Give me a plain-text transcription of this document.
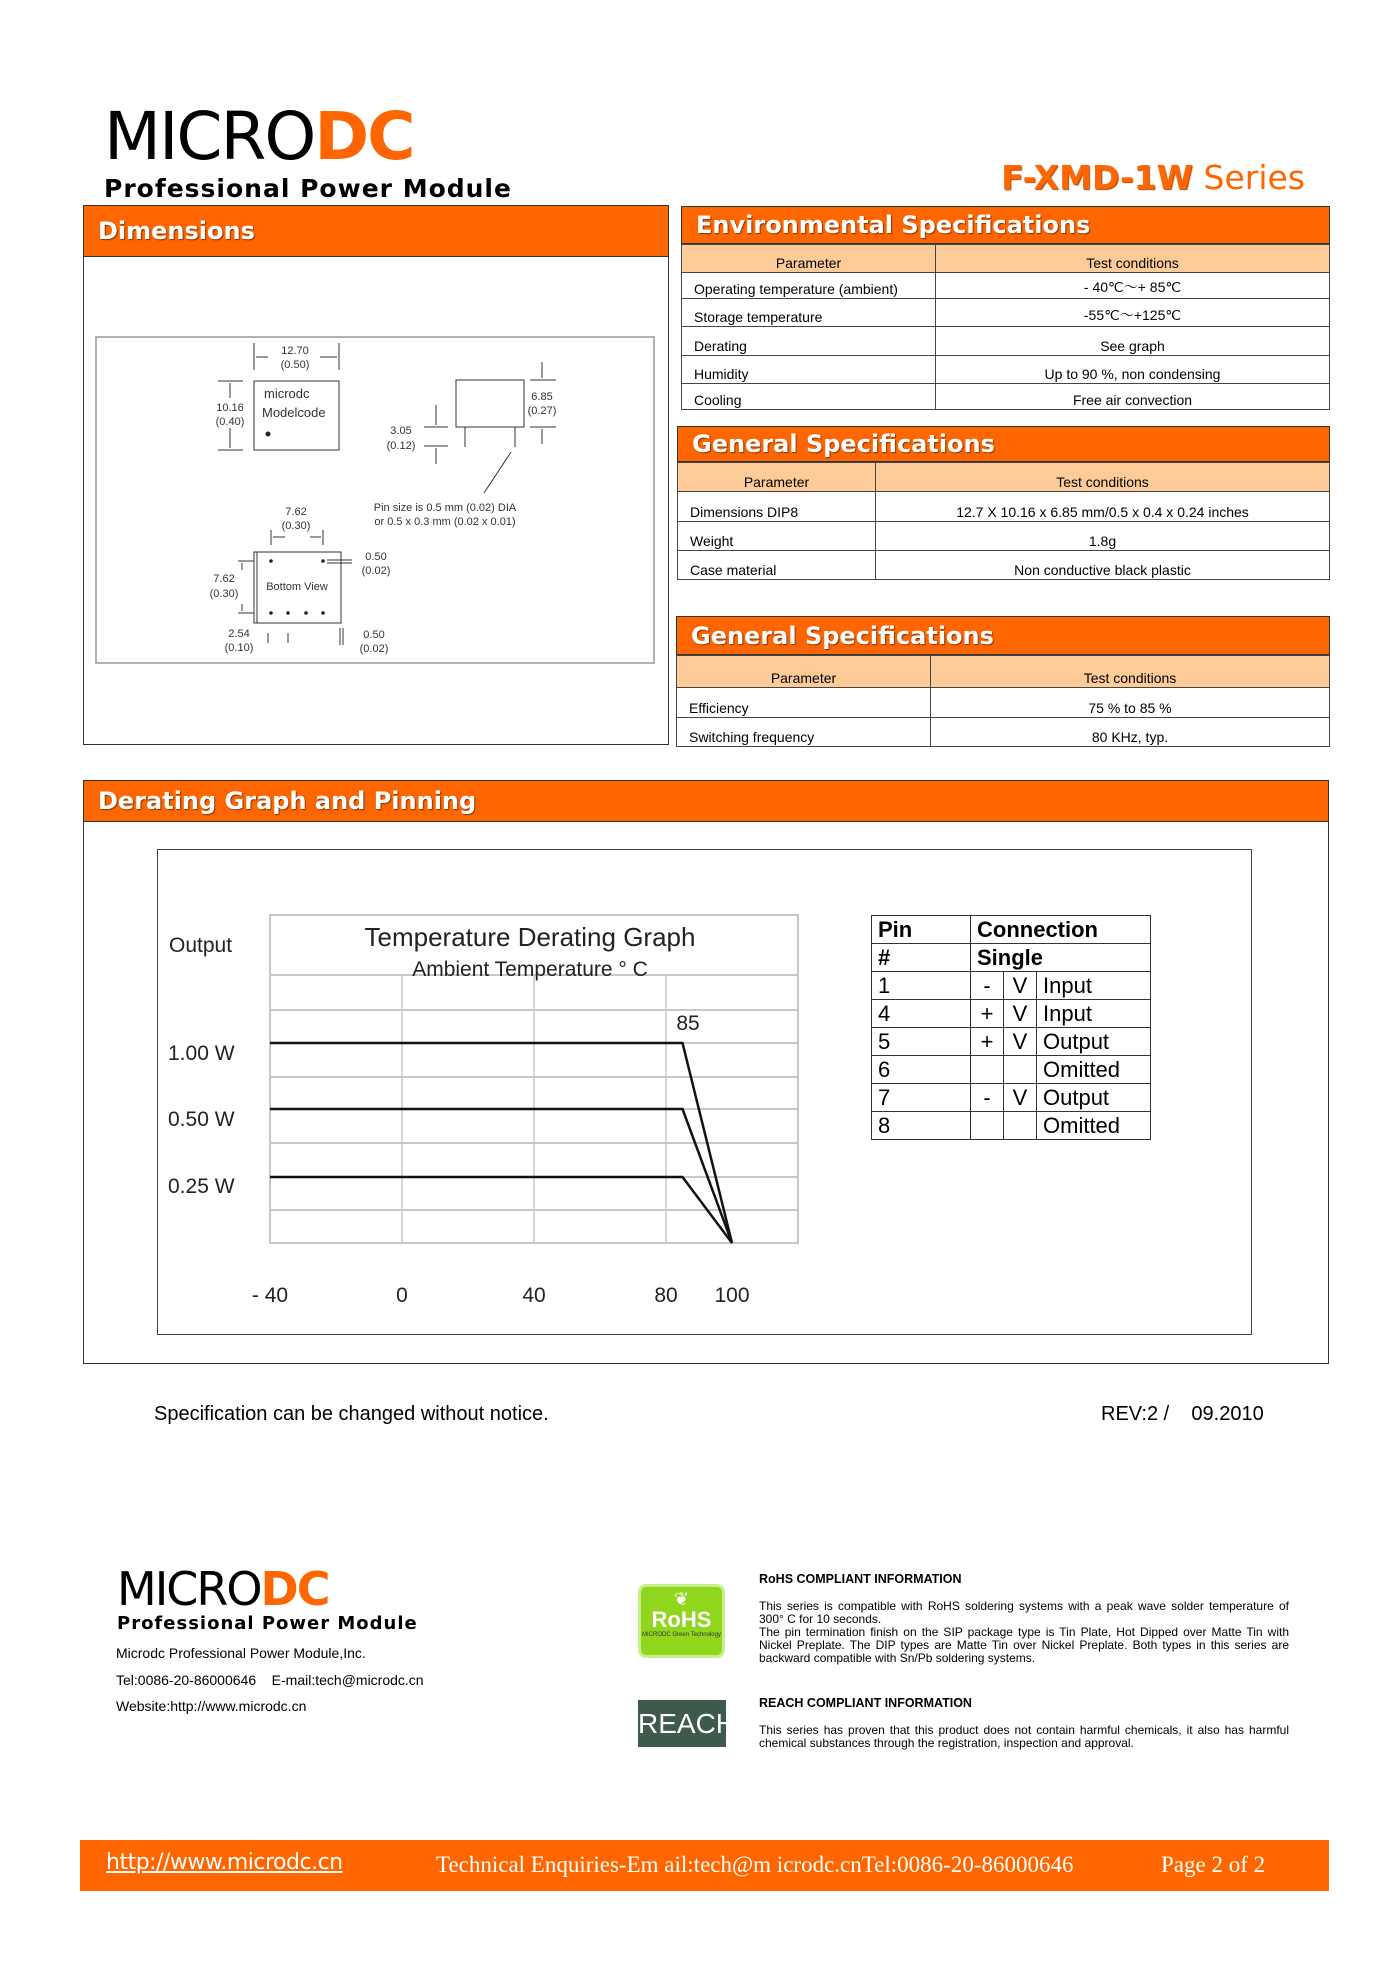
MICRODC
Professional Power Module	F-XMD-1W Series
Dimensions
12.70
(0.50)
10.16
(0.40)
microdc
Modelcode
6.85
(0.27)
3.05
(0.12)
Pin size is 0.5 mm (0.02) DIA
or 0.5 x 0.3 mm (0.02 x 0.01)
7.62
(0.30)
7.62
(0.30)
Bottom View
0.50
(0.02)
2.54
(0.10)
0.50
(0.02)
Environmental Specifications
Parameter	Test conditions
Operating temperature (ambient)	- 40℃～+ 85℃
Storage temperature	-55℃～+125℃
Derating	See graph
Humidity	Up to 90 %, non condensing
Cooling	Free air convection
General Specifications
Parameter	Test conditions
Dimensions DIP8	12.7 X 10.16 x 6.85 mm/0.5 x 0.4 x 0.24 inches
Weight	1.8g
Case material	Non conductive black plastic
General Specifications
Parameter	Test conditions
Efficiency	75 % to 85 %
Switching frequency	80 KHz, typ.
Derating Graph and Pinning
Temperature Derating Graph
Ambient Temperature ° C
Output
1.00 W
0.50 W
0.25 W
85
- 40	0	40	80 100
Pin	Connection		
#	Single		
1	-	V	Input
4	+	V	Input
5	+	V	Output
6			Omitted
7	-	V	Output
8			Omitted
Specification can be changed without notice.	REV:2 /    09.2010
MICRODC
Professional Power Module
Microdc Professional Power Module,Inc.
Tel:0086-20-86000646    E-mail:tech@microdc.cn
Website:http://www.microdc.cn
❦
RoHS
MICRODC Green Technology
REACH
RoHS COMPLIANT INFORMATION
This series is compatible with RoHS soldering systems with a peak wave solder temperature of 300° C for 10 seconds.
The pin termination finish on the SIP package type is Tin Plate, Hot Dipped over Matte Tin with Nickel Preplate. The DIP types are Matte Tin over Nickel Preplate. Both types in this series are backward compatible with Sn/Pb soldering systems.
REACH COMPLIANT INFORMATION
This series has proven that this product does not contain harmful chemicals, it also has harmful chemical substances through the registration, inspection and approval.
http://www.microdc.cn	Technical Enquiries-Em ail:tech@m icrodc.cnTel:0086-20-86000646	Page 2 of 2
